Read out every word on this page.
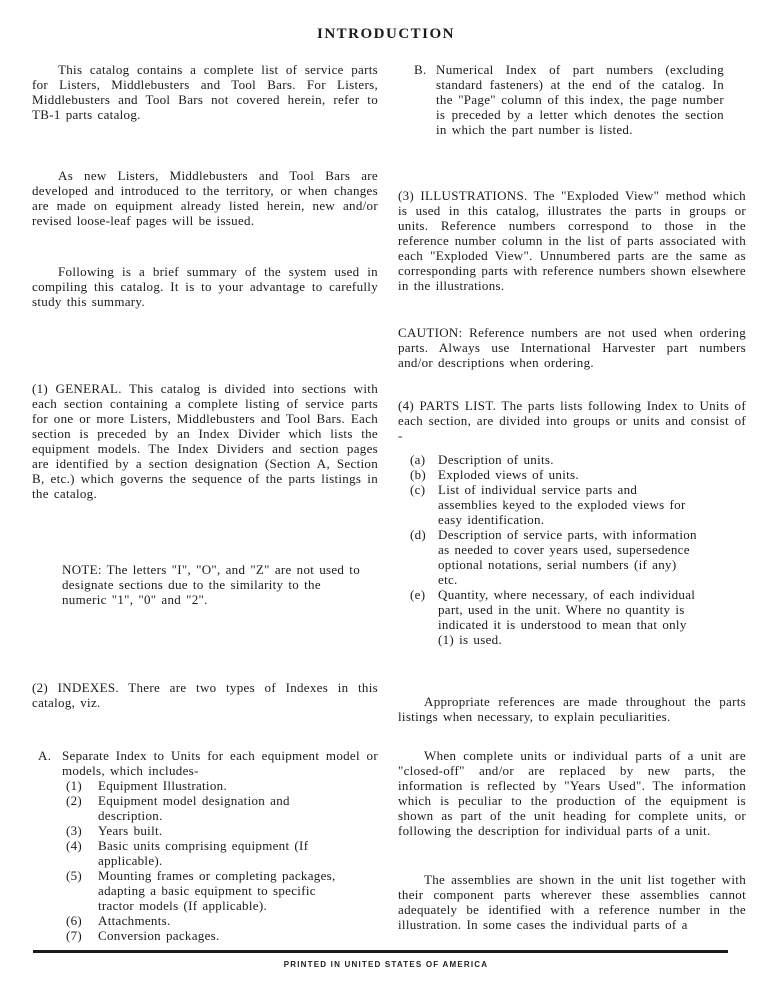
INTRODUCTION
This catalog contains a complete list of service parts for Listers, Middlebusters and Tool Bars. For Listers, Middlebusters and Tool Bars not covered herein, refer to TB-1 parts catalog.
As new Listers, Middlebusters and Tool Bars are developed and introduced to the territory, or when changes are made on equipment already listed herein, new and/or revised loose-leaf pages will be issued.
Following is a brief summary of the system used in compiling this catalog. It is to your advantage to carefully study this summary.
(1) GENERAL. This catalog is divided into sections with each section containing a complete listing of service parts for one or more Listers, Middlebusters and Tool Bars. Each section is preceded by an Index Divider which lists the equipment models. The Index Dividers and section pages are identified by a section designation (Section A, Section B, etc.) which governs the sequence of the parts listings in the catalog.
NOTE: The letters "I", "O", and "Z" are not used to designate sections due to the similarity to the numeric "1", "0" and "2".
(2) INDEXES. There are two types of Indexes in this catalog, viz.
A. Separate Index to Units for each equipment model or models, which includes-
(1)	Equipment Illustration.
(2)	Equipment model designation and description.
(3)	Years built.
(4)	Basic units comprising equipment (If applicable).
(5)	Mounting frames or completing packages, adapting a basic equipment to specific tractor models (If applicable).
(6)	Attachments.
(7)	Conversion packages.
B. Numerical Index of part numbers (excluding standard fasteners) at the end of the catalog. In the "Page" column of this index, the page number is preceded by a letter which denotes the section in which the part number is listed.
(3) ILLUSTRATIONS. The "Exploded View" method which is used in this catalog, illustrates the parts in groups or units. Reference numbers correspond to those in the reference number column in the list of parts associated with each "Exploded View". Unnumbered parts are the same as corresponding parts with reference numbers shown elsewhere in the illustrations.
CAUTION: Reference numbers are not used when ordering parts. Always use International Harvester part numbers and/or descriptions when ordering.
(4) PARTS LIST. The parts lists following Index to Units of each section, are divided into groups or units and consist of -
(a) Description of units.
(b) Exploded views of units.
(c) List of individual service parts and assemblies keyed to the exploded views for easy identification.
(d) Description of service parts, with information as needed to cover years used, supersedence optional notations, serial numbers (if any) etc.
(e) Quantity, where necessary, of each individual part, used in the unit. Where no quantity is indicated it is understood to mean that only (1) is used.
Appropriate references are made throughout the parts listings when necessary, to explain peculiarities.
When complete units or individual parts of a unit are "closed-off" and/or are replaced by new parts, the information is reflected by "Years Used". The information which is peculiar to the production of the equipment is shown as part of the unit heading for complete units, or following the description for individual parts of a unit.
The assemblies are shown in the unit list together with their component parts wherever these assemblies cannot adequately be identified with a reference number in the illustration. In some cases the individual parts of a
PRINTED IN UNITED STATES OF AMERICA
